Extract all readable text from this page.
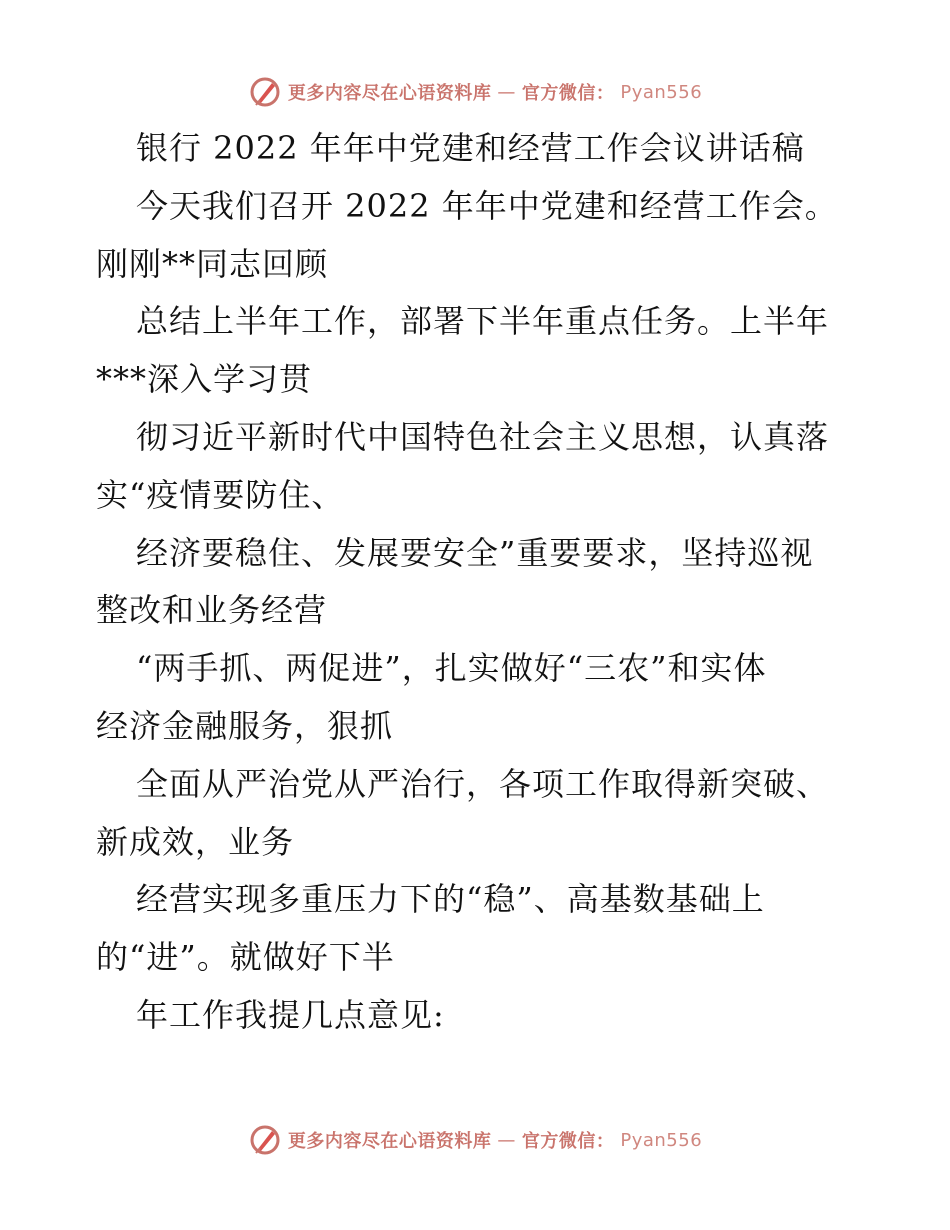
更多内容尽在心语资料库 — 官方微信： Pyan556
银行 2022 年年中党建和经营工作会议讲话稿
今天我们召开 2022 年年中党建和经营工作会。
刚刚**同志回顾
总结上半年工作，部署下半年重点任务。上半年
***深入学习贯
彻习近平新时代中国特色社会主义思想，认真落
实“疫情要防住、
经济要稳住、发展要安全”重要要求，坚持巡视
整改和业务经营
“两手抓、两促进”，扎实做好“三农”和实体
经济金融服务，狠抓
全面从严治党从严治行，各项工作取得新突破、
新成效，业务
经营实现多重压力下的“稳”、高基数基础上
的“进”。就做好下半
年工作我提几点意见:
更多内容尽在心语资料库 — 官方微信： Pyan556
